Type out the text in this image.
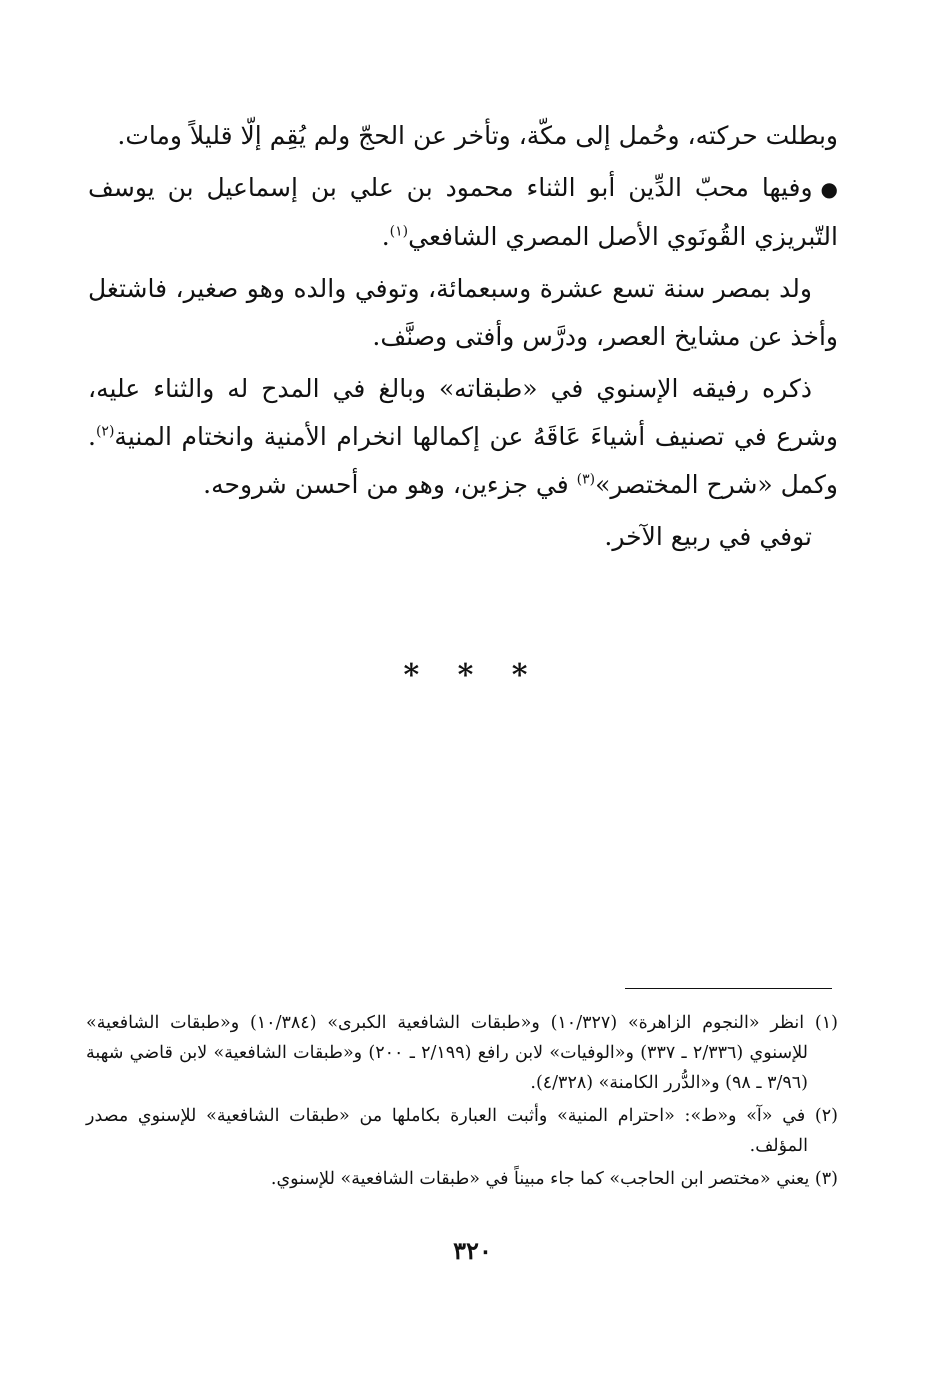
وبطلت حركته، وحُمل إلى مكّة، وتأخر عن الحجّ ولم يُقِم إلّا قليلاً ومات.

●وفيها محبّ الدِّين أبو الثناء محمود بن علي بن إسماعيل بن يوسف التّبريزي القُونَوي الأصل المصري الشافعي$^{(١)}$.

ولد بمصر سنة تسع عشرة وسبعمائة، وتوفي والده وهو صغير، فاشتغل وأخذ عن مشايخ العصر، ودرَّس وأفتى وصنَّف.

ذكره رفيقه الإسنوي في «طبقاته» وبالغ في المدح له والثناء عليه، وشرع في تصنيف أشياءَ عَاقَهُ عن إكمالها انخرام الأمنية وانختام المنية$^{(٢)}$. وكمل «شرح المختصر»$^{(٣)}$ في جزءين، وهو من أحسن شروحه.

توفي في ربيع الآخر.

* * *

(١) انظر «النجوم الزاهرة» (١٠/٣٢٧) و«طبقات الشافعية الكبرى» (١٠/٣٨٤) و«طبقات الشافعية» للإسنوي (٢/٣٣٦ ـ ٣٣٧) و«الوفيات» لابن رافع (٢/١٩٩ ـ ٢٠٠) و«طبقات الشافعية» لابن قاضي شهبة (٣/٩٦ ـ ٩٨) و«الدُّرر الكامنة» (٤/٣٢٨).

(٢) في «آ» و«ط»: «احترام المنية» وأثبت العبارة بكاملها من «طبقات الشافعية» للإسنوي مصدر المؤلف.

(٣) يعني «مختصر ابن الحاجب» كما جاء مبيناً في «طبقات الشافعية» للإسنوي.

٣٢٠
